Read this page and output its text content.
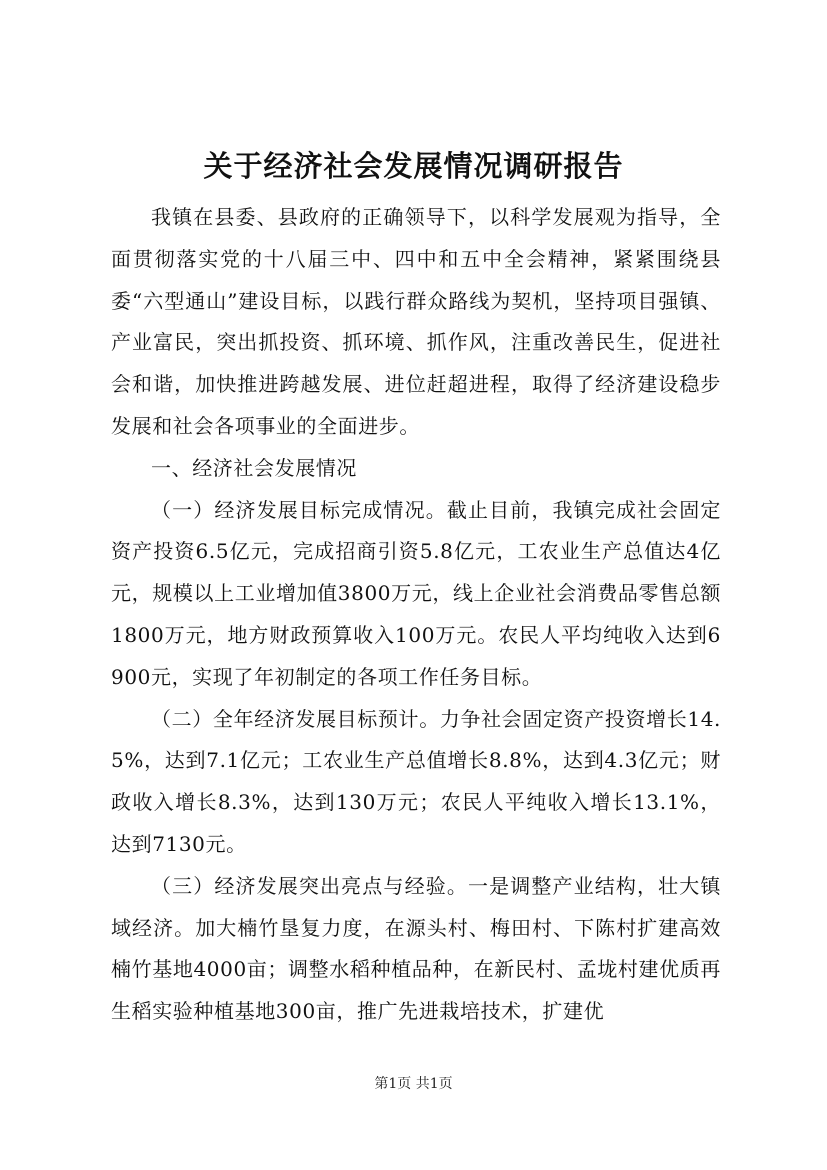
关于经济社会发展情况调研报告

我镇在县委、县政府的正确领导下，以科学发展观为指导，全面贯彻落实党的十八届三中、四中和五中全会精神，紧紧围绕县委“六型通山”建设目标，以践行群众路线为契机，坚持项目强镇、产业富民，突出抓投资、抓环境、抓作风，注重改善民生，促进社会和谐，加快推进跨越发展、进位赶超进程，取得了经济建设稳步发展和社会各项事业的全面进步。

一、经济社会发展情况

（一）经济发展目标完成情况。截止目前，我镇完成社会固定资产投资6.5亿元，完成招商引资5.8亿元，工农业生产总值达4亿元，规模以上工业增加值3800万元，线上企业社会消费品零售总额1800万元，地方财政预算收入100万元。农民人平均纯收入达到6900元，实现了年初制定的各项工作任务目标。

（二）全年经济发展目标预计。力争社会固定资产投资增长14.5%，达到7.1亿元；工农业生产总值增长8.8%，达到4.3亿元；财政收入增长8.3%，达到130万元；农民人平纯收入增长13.1%，达到7130元。

（三）经济发展突出亮点与经验。一是调整产业结构，壮大镇域经济。加大楠竹垦复力度，在源头村、梅田村、下陈村扩建高效楠竹基地4000亩；调整水稻种植品种，在新民村、孟垅村建优质再生稻实验种植基地300亩，推广先进栽培技术，扩建优

第1页 共1页
